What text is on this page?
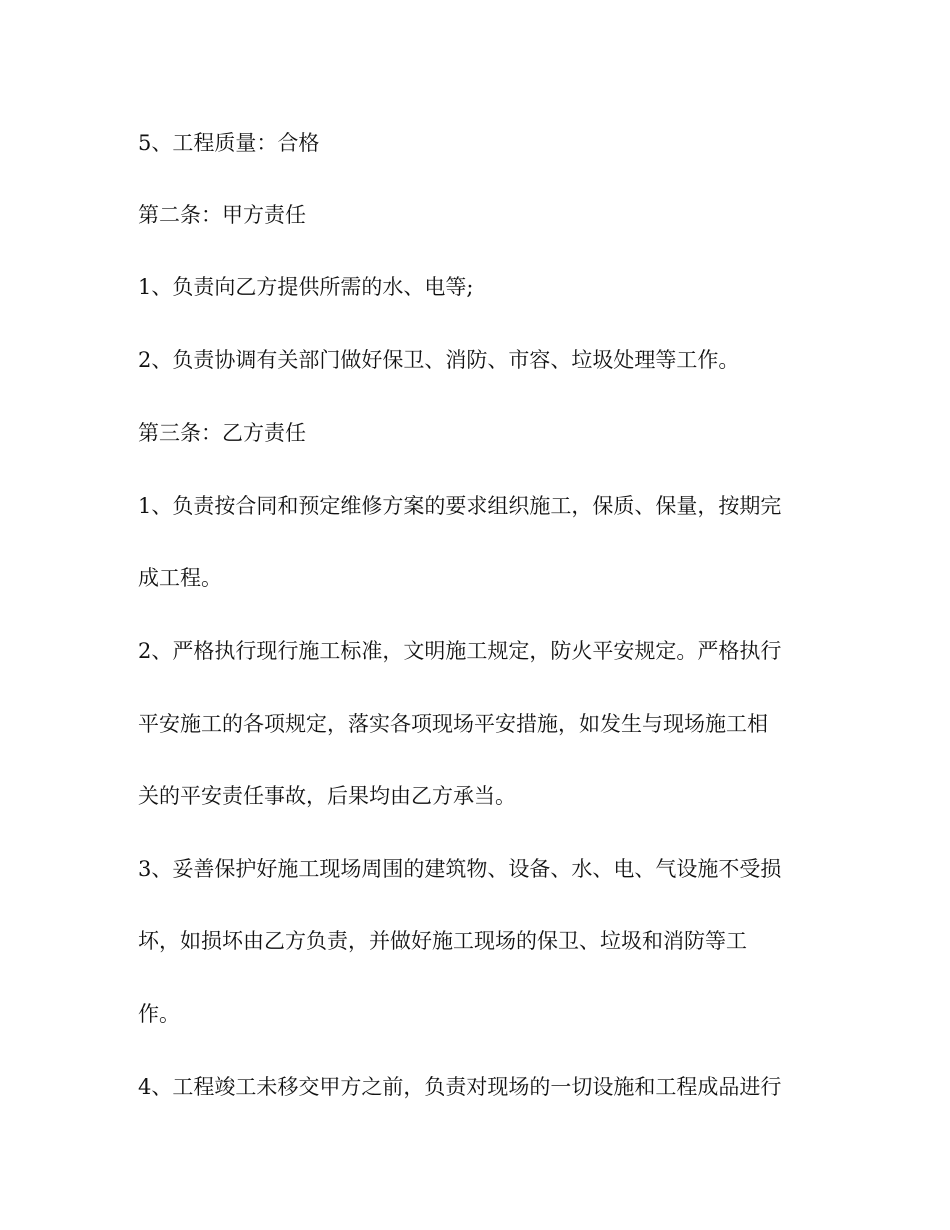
5、工程质量：合格

第二条：甲方责任

1、负责向乙方提供所需的水、电等;

2、负责协调有关部门做好保卫、消防、市容、垃圾处理等工作。

第三条：乙方责任

1、负责按合同和预定维修方案的要求组织施工，保质、保量，按期完

成工程。

2、严格执行现行施工标准，文明施工规定，防火平安规定。严格执行

平安施工的各项规定，落实各项现场平安措施，如发生与现场施工相

关的平安责任事故，后果均由乙方承当。

3、妥善保护好施工现场周围的建筑物、设备、水、电、气设施不受损

坏，如损坏由乙方负责，并做好施工现场的保卫、垃圾和消防等工

作。

4、工程竣工未移交甲方之前，负责对现场的一切设施和工程成品进行
